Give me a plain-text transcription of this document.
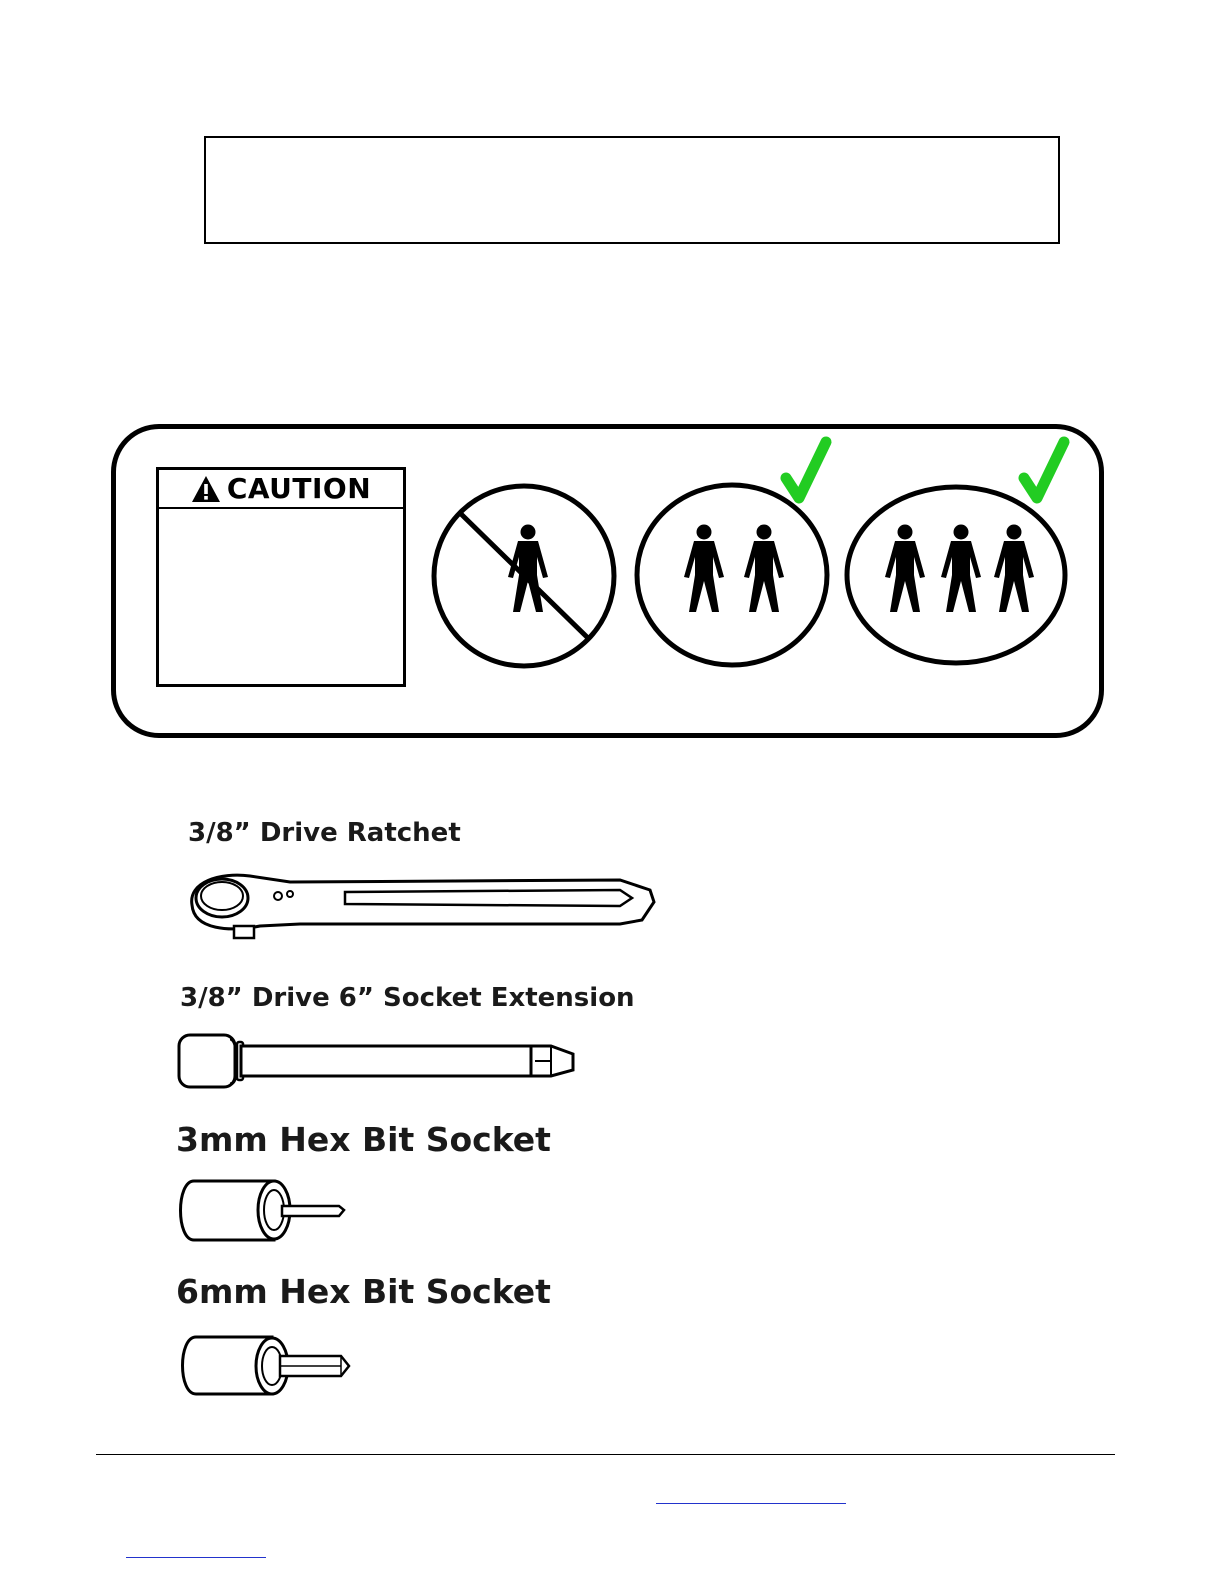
CAUTION
3/8” Drive Ratchet
3/8” Drive 6” Socket Extension
3mm Hex Bit Socket
6mm Hex Bit Socket
